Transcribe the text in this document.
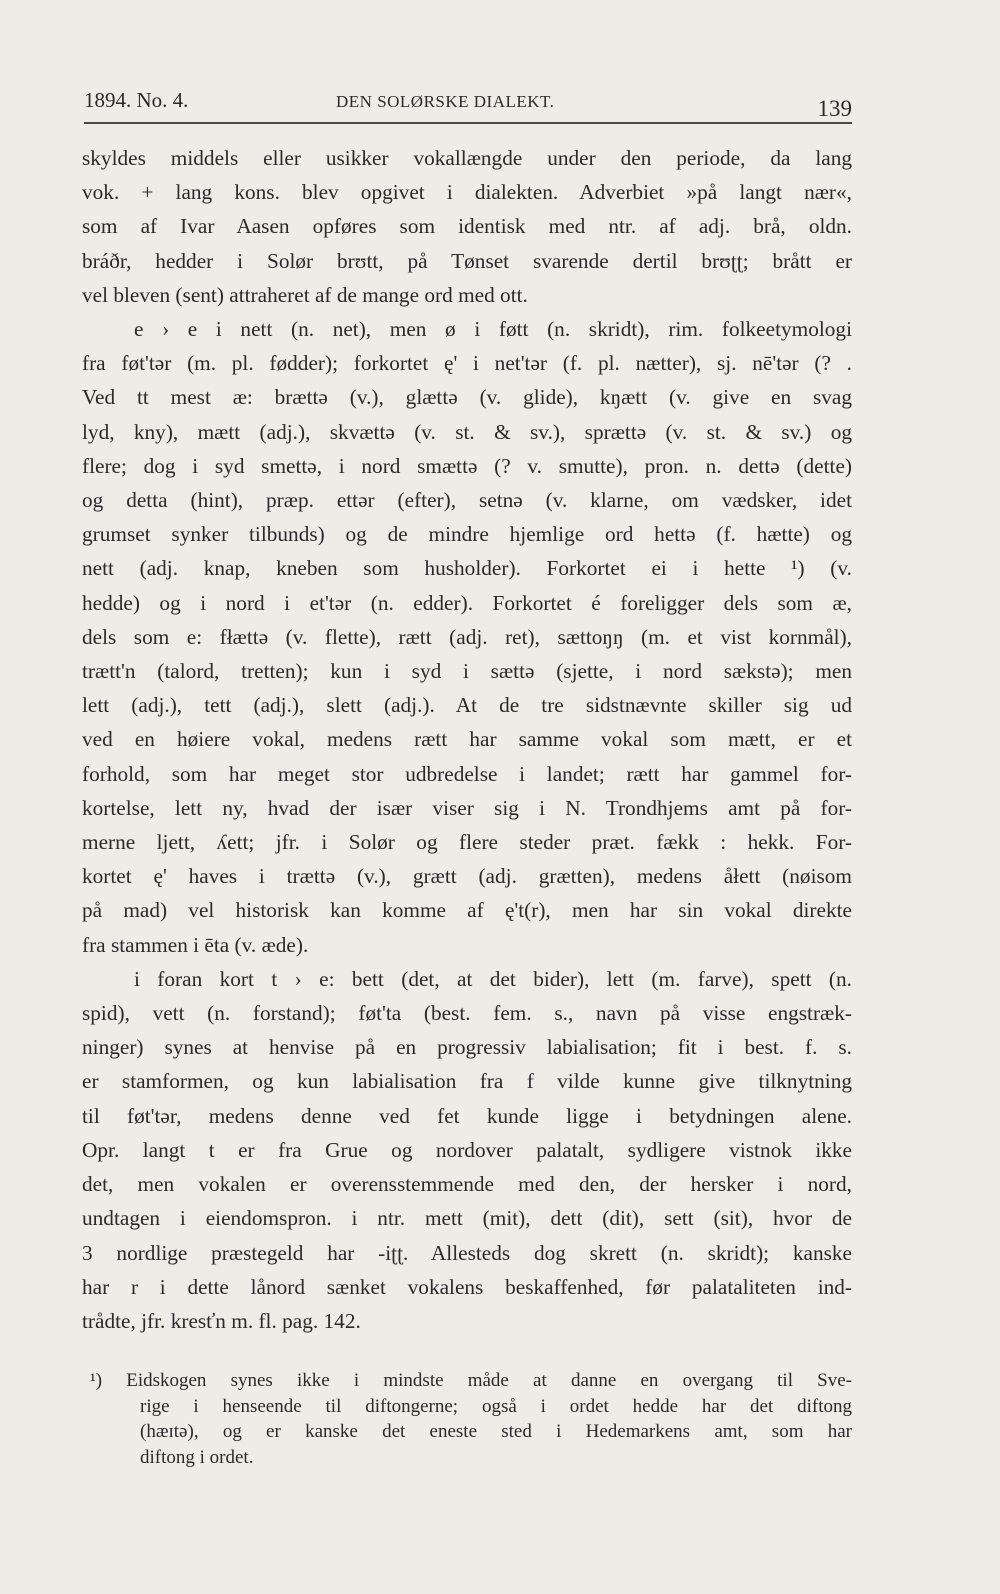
1894. No. 4.	DEN SOLØRSKE DIALEKT.	139
skyldes middels eller usikker vokallængde under den periode, da lang
vok. + lang kons. blev opgivet i dialekten. Adverbiet »på langt nær«,
som af Ivar Aasen opføres som identisk med ntr. af adj. brå, oldn.
bráðr, hedder i Solør brʊtt, på Tønset svarende dertil brʊʈʈ; brått er
vel bleven (sent) attraheret af de mange ord med ott.
e › e i nett (n. net), men ø i føtt (n. skridt), rim. folkeetymologi
fra føt'tər (m. pl. fødder); forkortet ę' i net'tər (f. pl. nætter), sj. nē'tər (? .
Ved tt mest æ: brættə (v.), glættə (v. glide), kŋætt (v. give en svag
lyd, kny), mætt (adj.), skvættə (v. st. & sv.), sprættə (v. st. & sv.) og
flere; dog i syd smettə, i nord smættə (? v. smutte), pron. n. dettə (dette)
og detta (hint), præp. ettər (efter), setnə (v. klarne, om vædsker, idet
grumset synker tilbunds) og de mindre hjemlige ord hettə (f. hætte) og
nett (adj. knap, kneben som husholder). Forkortet ei i hette ¹) (v.
hedde) og i nord i et'tər (n. edder). Forkortet é foreligger dels som æ,
dels som e: fłættə (v. flette), rætt (adj. ret), sættoŋŋ (m. et vist kornmål),
trætt'n (talord, tretten); kun i syd i sættə (sjette, i nord sækstə); men
lett (adj.), tett (adj.), slett (adj.). At de tre sidstnævnte skiller sig ud
ved en høiere vokal, medens rætt har samme vokal som mætt, er et
forhold, som har meget stor udbredelse i landet; rætt har gammel for-
kortelse, lett ny, hvad der især viser sig i N. Trondhjems amt på for-
merne ljett, ʎett; jfr. i Solør og flere steder præt. fækk : hekk. For-
kortet ę' haves i trættə (v.), grætt (adj. grætten), medens åłett (nøisom
på mad) vel historisk kan komme af ę't(r), men har sin vokal direkte
fra stammen i ēta (v. æde).
i foran kort t › e: bett (det, at det bider), lett (m. farve), spett (n.
spid), vett (n. forstand); føt'ta (best. fem. s., navn på visse engstræk-
ninger) synes at henvise på en progressiv labialisation; fit i best. f. s.
er stamformen, og kun labialisation fra f vilde kunne give tilknytning
til føt'tər, medens denne ved fet kunde ligge i betydningen alene.
Opr. langt t er fra Grue og nordover palatalt, sydligere vistnok ikke
det, men vokalen er overensstemmende med den, der hersker i nord,
undtagen i eiendomspron. i ntr. mett (mit), dett (dit), sett (sit), hvor de
3 nordlige præstegeld har -iʈʈ. Allesteds dog skrett (n. skridt); kanske
har r i dette lånord sænket vokalens beskaffenhed, før palataliteten ind-
trådte, jfr. kresťn m. fl. pag. 142.
¹) Eidskogen synes ikke i mindste måde at danne en overgang til Sve-
rige i henseende til diftongerne; også i ordet hedde har det diftong
(hæɪtə), og er kanske det eneste sted i Hedemarkens amt, som har
diftong i ordet.
